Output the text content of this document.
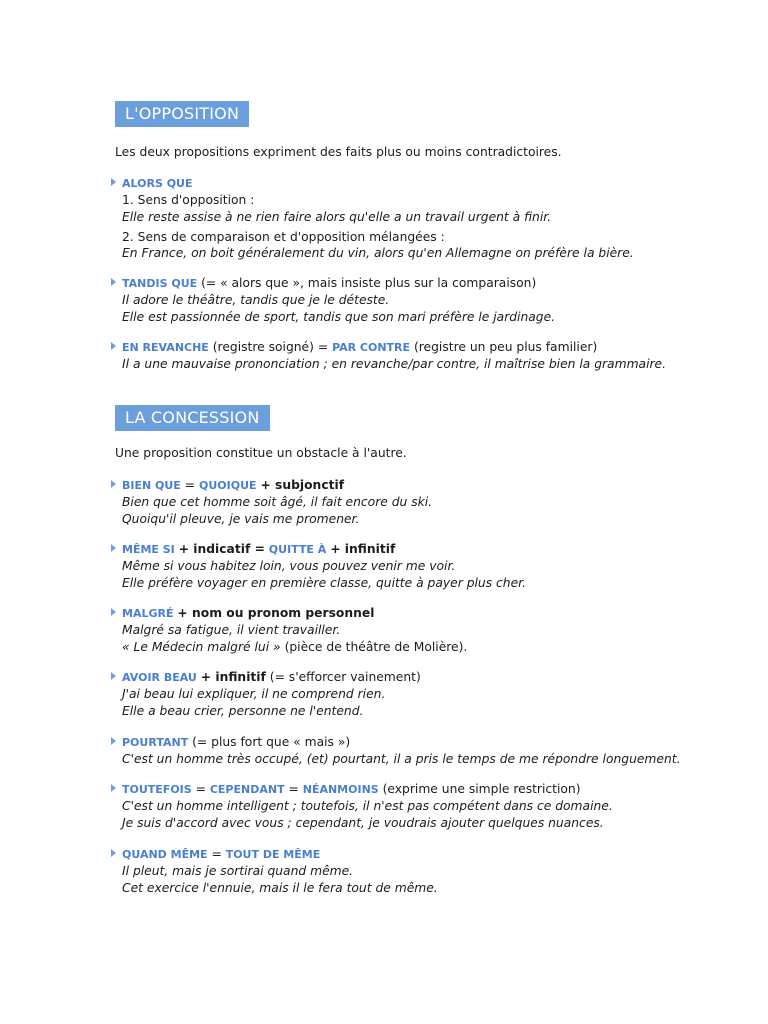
L'OPPOSITION
Les deux propositions expriment des faits plus ou moins contradictoires.
ALORS QUE
1. Sens d'opposition :
Elle reste assise à ne rien faire alors qu'elle a un travail urgent à finir.
2. Sens de comparaison et d'opposition mélangées :
En France, on boit généralement du vin, alors qu'en Allemagne on préfère la bière.
TANDIS QUE
(= « alors que », mais insiste plus sur la comparaison)
Il adore le théâtre, tandis que je le déteste.
Elle est passionnée de sport, tandis que son mari préfère le jardinage.
EN REVANCHE
(registre soigné) =
PAR CONTRE
(registre un peu plus familier)
Il a une mauvaise prononciation ; en revanche/par contre, il maîtrise bien la grammaire.
LA CONCESSION
Une proposition constitue un obstacle à l'autre.
BIEN QUE
=
QUOIQUE
+ subjonctif
Bien que cet homme soit âgé, il fait encore du ski.
Quoiqu'il pleuve, je vais me promener.
MÊME SI
+ indicatif =
QUITTE À
+ infinitif
Même si vous habitez loin, vous pouvez venir me voir.
Elle préfère voyager en première classe, quitte à payer plus cher.
MALGRÉ
+ nom ou pronom personnel
Malgré sa fatigue, il vient travailler.
« Le Médecin malgré lui » (pièce de théâtre de Molière).
AVOIR BEAU
+ infinitif
(= s'efforcer vainement)
J'ai beau lui expliquer, il ne comprend rien.
Elle a beau crier, personne ne l'entend.
POURTANT
(= plus fort que « mais »)
C'est un homme très occupé, (et) pourtant, il a pris le temps de me répondre longuement.
TOUTEFOIS
=
CEPENDANT
=
NÉANMOINS
(exprime une simple restriction)
C'est un homme intelligent ; toutefois, il n'est pas compétent dans ce domaine.
Je suis d'accord avec vous ; cependant, je voudrais ajouter quelques nuances.
QUAND MÊME
=
TOUT DE MÊME
Il pleut, mais je sortirai quand même.
Cet exercice l'ennuie, mais il le fera tout de même.
